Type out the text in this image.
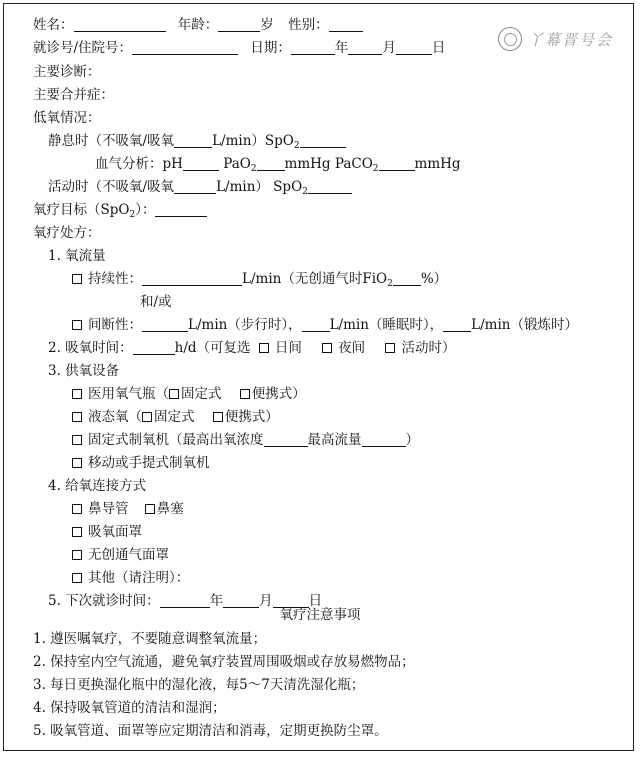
丫幕晋号会
姓名：	年龄：	岁 性别：
就诊号/住院号：	日期：	年	月	日
主要诊断：
主要合并症：
低氧情况：
静息时（不吸氧/吸氧	L/min）SpO$_2$
血气分析：pH	PaO$_2$ mmHg PaCO$_2$	mmHg
活动时（不吸氧/吸氧	L/min） SpO$_2$
氧疗目标（SpO$_2$）：
氧疗处方：
1. 氧流量
持续性：	L/min（无创通气时FiO$_2$ %）
和/或
间断性：	L/min（步行时）， L/min（睡眠时）， L/min（锻炼时）
2. 吸氧时间：	h/d（可复选 日间	夜间	活动时）
3. 供氧设备
医用氧气瓶（ 固定式 便携式）
液态氧（ 固定式 便携式）
固定式制氧机（最高出氧浓度	最高流量	）
移动或手提式制氧机
4. 给氧连接方式
鼻导管 鼻塞
吸氧面罩
无创通气面罩
其他（请注明）：
5. 下次就诊时间：	年	月	日
氧疗注意事项
1. 遵医嘱氧疗，不要随意调整氧流量；
2. 保持室内空气流通，避免氧疗装置周围吸烟或存放易燃物品；
3. 每日更换湿化瓶中的湿化液，每5～7天清洗湿化瓶；
4. 保持吸氧管道的清洁和湿润；
5. 吸氧管道、面罩等应定期清洁和消毒，定期更换防尘罩。
